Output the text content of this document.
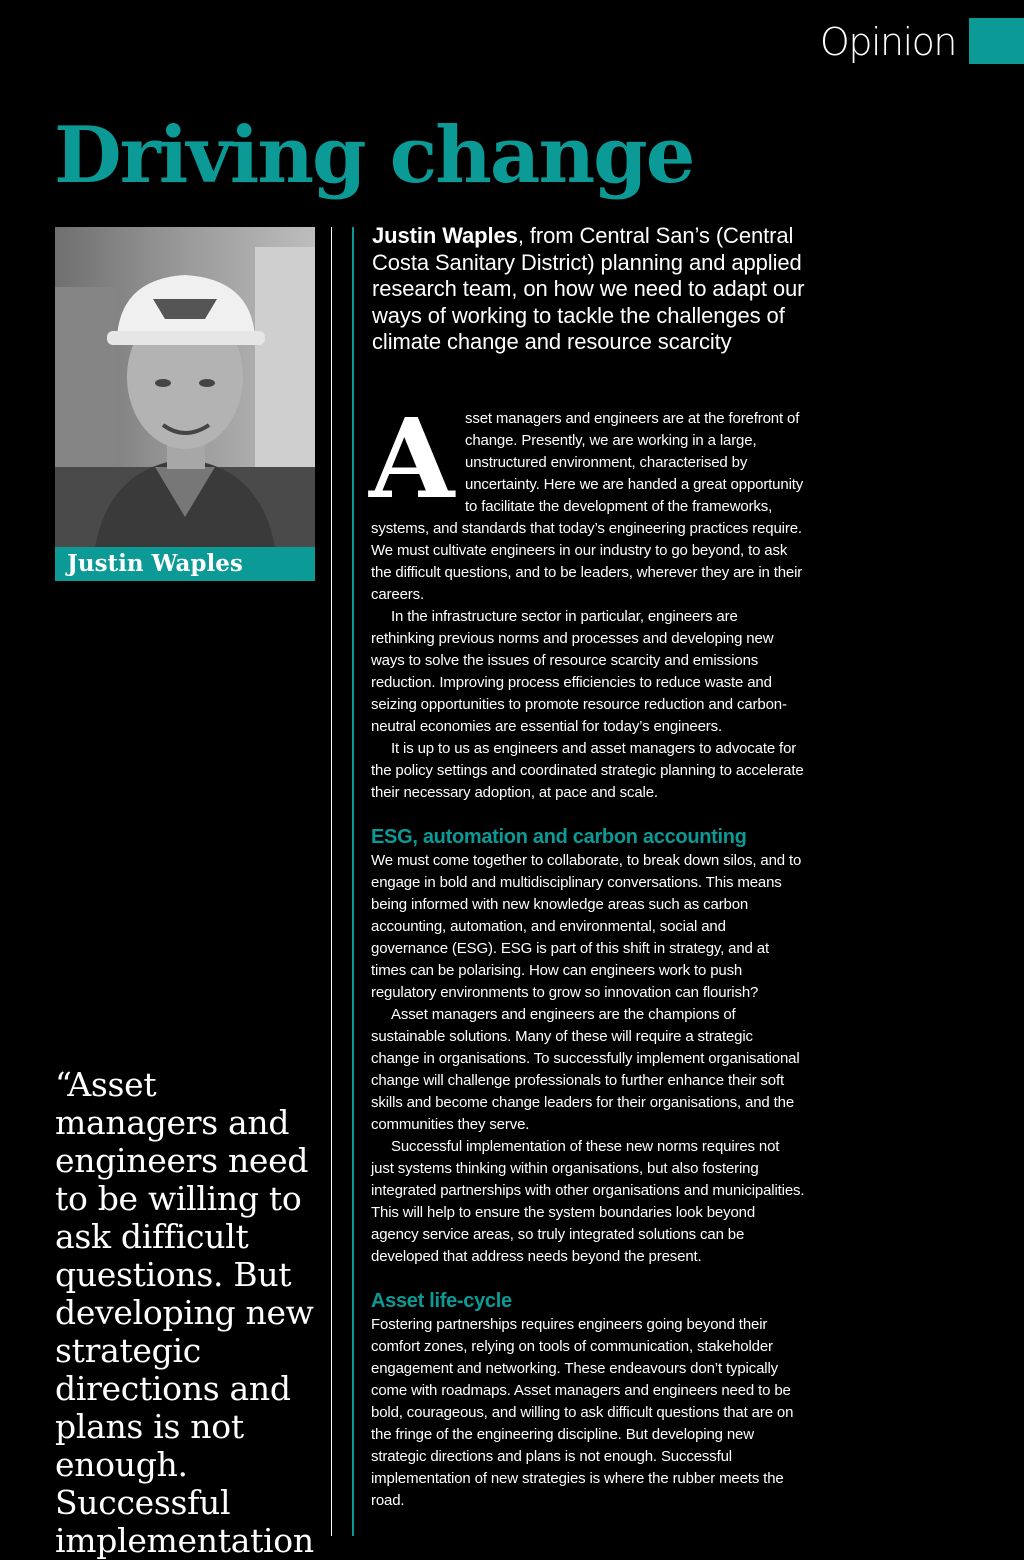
Opinion
Driving change
Justin Waples

“Asset managers and engineers need to be willing to ask difficult questions. But developing new strategic directions and plans is not enough. Successful implementation

Justin Waples, from Central San’s (Central Costa Sanitary District) planning and applied research team, on how we need to adapt our ways of working to tackle the challenges of climate change and resource scarcity

Asset managers and engineers are at the forefront of change. Presently, we are working in a large, unstructured environment, characterised by uncertainty. Here we are handed a great opportunity to facilitate the development of the frameworks, systems, and standards that today’s engineering practices require. We must cultivate engineers in our industry to go beyond, to ask the difficult questions, and to be leaders, wherever they are in their careers.

In the infrastructure sector in particular, engineers are rethinking previous norms and processes and developing new ways to solve the issues of resource scarcity and emissions reduction. Improving process efficiencies to reduce waste and seizing opportunities to promote resource reduction and carbon-neutral economies are essential for today’s engineers.

It is up to us as engineers and asset managers to advocate for the policy settings and coordinated strategic planning to accelerate their necessary adoption, at pace and scale.

ESG, automation and carbon accounting

We must come together to collaborate, to break down silos, and to engage in bold and multidisciplinary conversations. This means being informed with new knowledge areas such as carbon accounting, automation, and environmental, social and governance (ESG). ESG is part of this shift in strategy, and at times can be polarising. How can engineers work to push regulatory environments to grow so innovation can flourish?

Asset managers and engineers are the champions of sustainable solutions. Many of these will require a strategic change in organisations. To successfully implement organisational change will challenge professionals to further enhance their soft skills and become change leaders for their organisations, and the communities they serve.

Successful implementation of these new norms requires not just systems thinking within organisations, but also fostering integrated partnerships with other organisations and municipalities. This will help to ensure the system boundaries look beyond agency service areas, so truly integrated solutions can be developed that address needs beyond the present.

Asset life-cycle

Fostering partnerships requires engineers going beyond their comfort zones, relying on tools of communication, stakeholder engagement and networking. These endeavours don’t typically come with roadmaps. Asset managers and engineers need to be bold, courageous, and willing to ask difficult questions that are on the fringe of the engineering discipline. But developing new strategic directions and plans is not enough. Successful implementation of new strategies is where the rubber meets the road.
